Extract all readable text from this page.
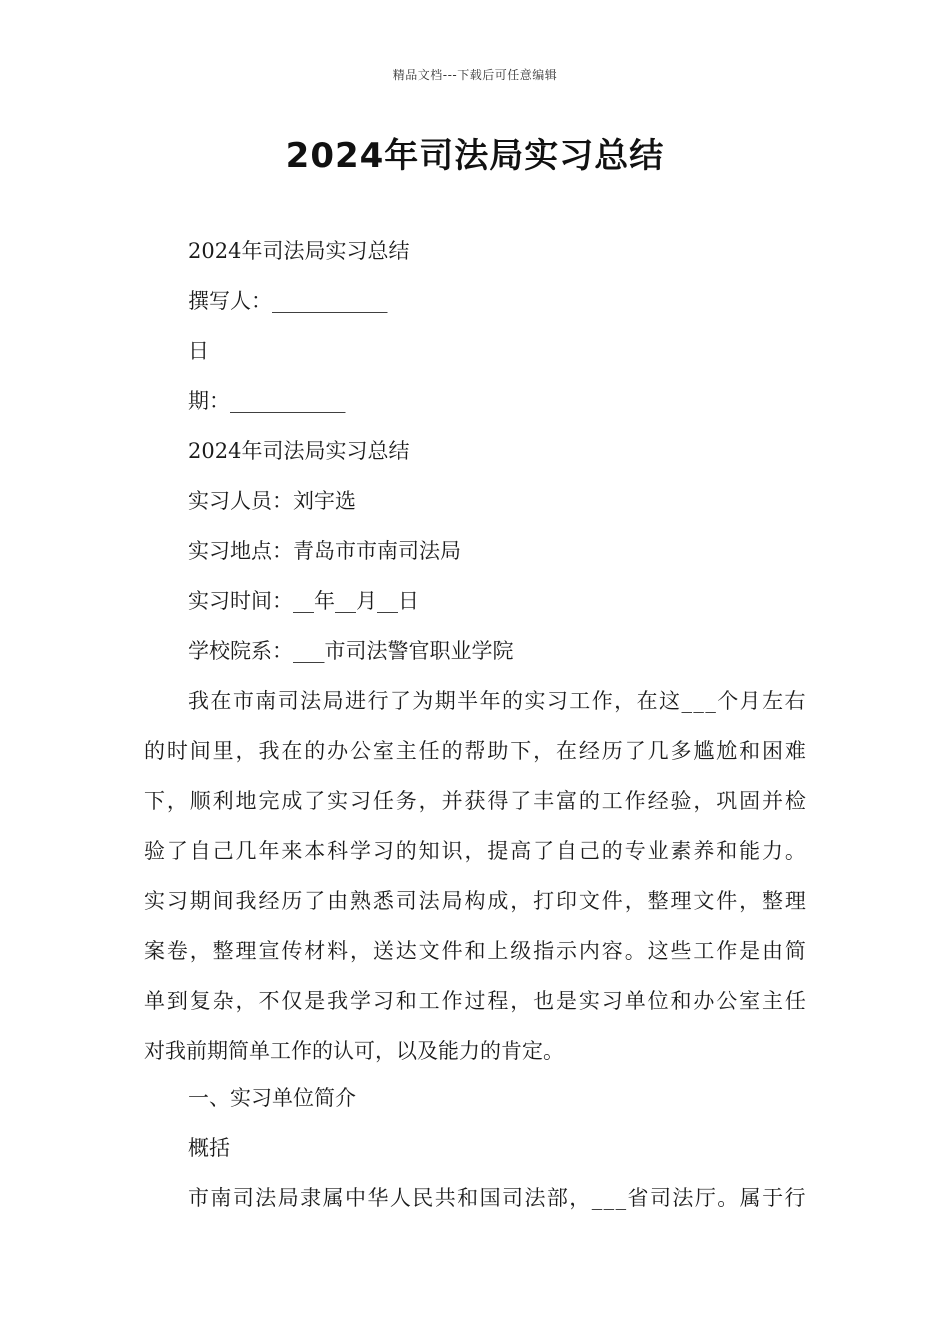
精品文档---下载后可任意编辑
2024年司法局实习总结
2024年司法局实习总结
撰写人：___________
日
期：___________
2024年司法局实习总结
实习人员：刘宇选
实习地点：青岛市市南司法局
实习时间：__年__月__日
学校院系：___市司法警官职业学院
我在市南司法局进行了为期半年的实习工作，在这___个月左右
的时间里，我在的办公室主任的帮助下，在经历了几多尴尬和困难
下，顺利地完成了实习任务，并获得了丰富的工作经验，巩固并检
验了自己几年来本科学习的知识，提高了自己的专业素养和能力。
实习期间我经历了由熟悉司法局构成，打印文件，整理文件，整理
案卷，整理宣传材料，送达文件和上级指示内容。这些工作是由简
单到复杂，不仅是我学习和工作过程，也是实习单位和办公室主任
对我前期简单工作的认可，以及能力的肯定。
一、实习单位简介
概括
市南司法局隶属中华人民共和国司法部，___省司法厅。属于行
